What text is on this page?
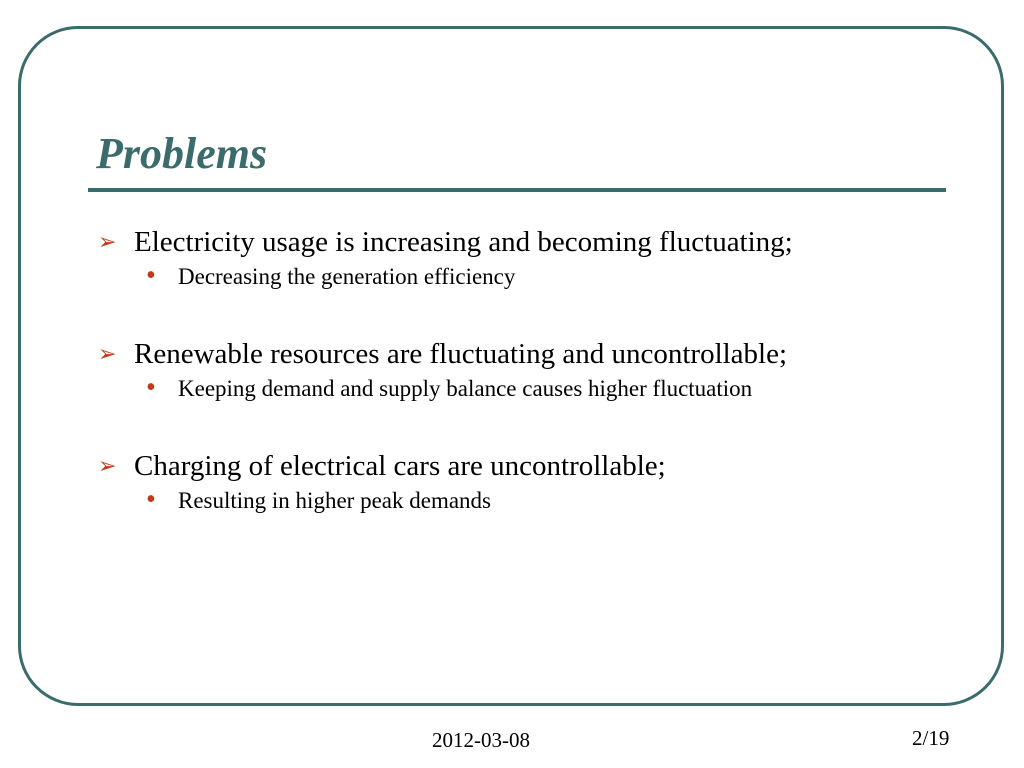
Problems
➢ Electricity usage is increasing and becoming fluctuating;
• Decreasing the generation efficiency
➢ Renewable resources are fluctuating and uncontrollable;
• Keeping demand and supply balance causes higher fluctuation
➢ Charging of electrical cars are uncontrollable;
• Resulting in higher peak demands
2012-03-08	2/19
